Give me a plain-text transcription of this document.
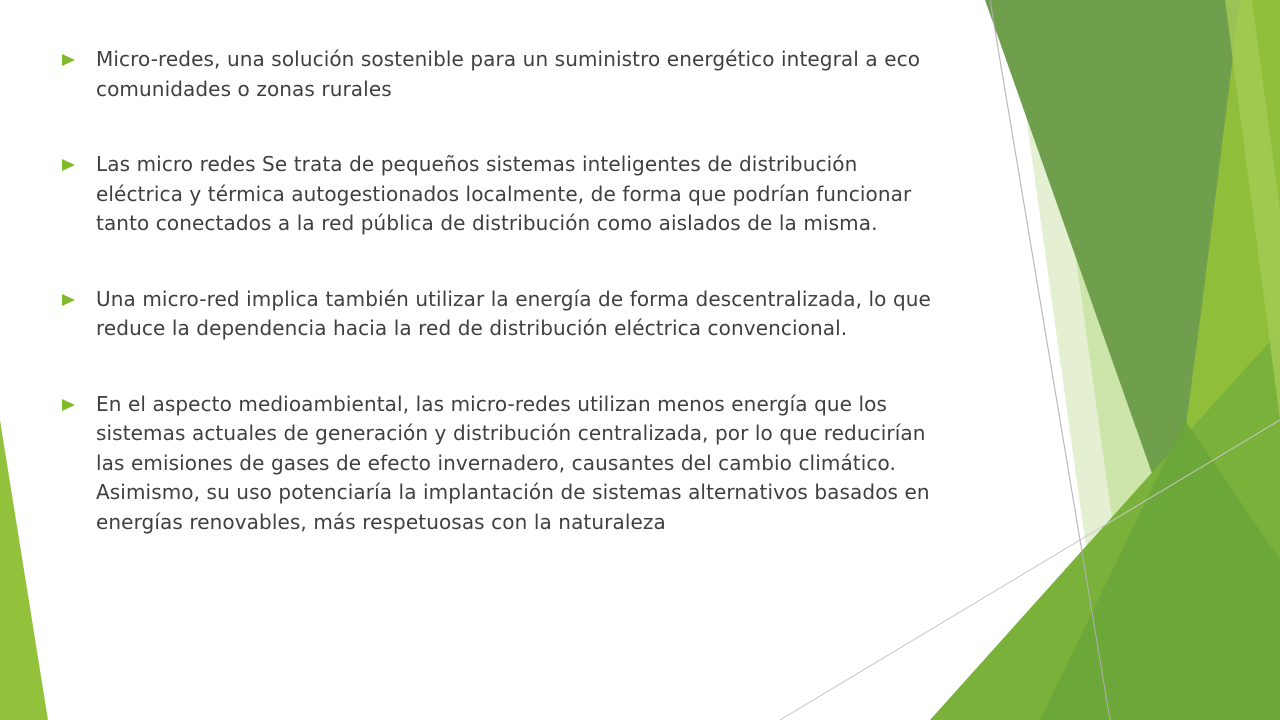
Micro-redes, una solución sostenible para un suministro energético integral a eco comunidades o zonas rurales
Las micro redes Se trata de pequeños sistemas inteligentes de distribución eléctrica y térmica autogestionados localmente, de forma que podrían funcionar tanto conectados a la red pública de distribución como aislados de la misma.
Una micro-red implica también utilizar la energía de forma descentralizada, lo que reduce la dependencia hacia la red de distribución eléctrica convencional.
En el aspecto medioambiental, las micro-redes utilizan menos energía que los sistemas actuales de generación y distribución centralizada, por lo que reducirían las emisiones de gases de efecto invernadero, causantes del cambio climático. Asimismo, su uso potenciaría la implantación de sistemas alternativos basados en energías renovables, más respetuosas con la naturaleza
